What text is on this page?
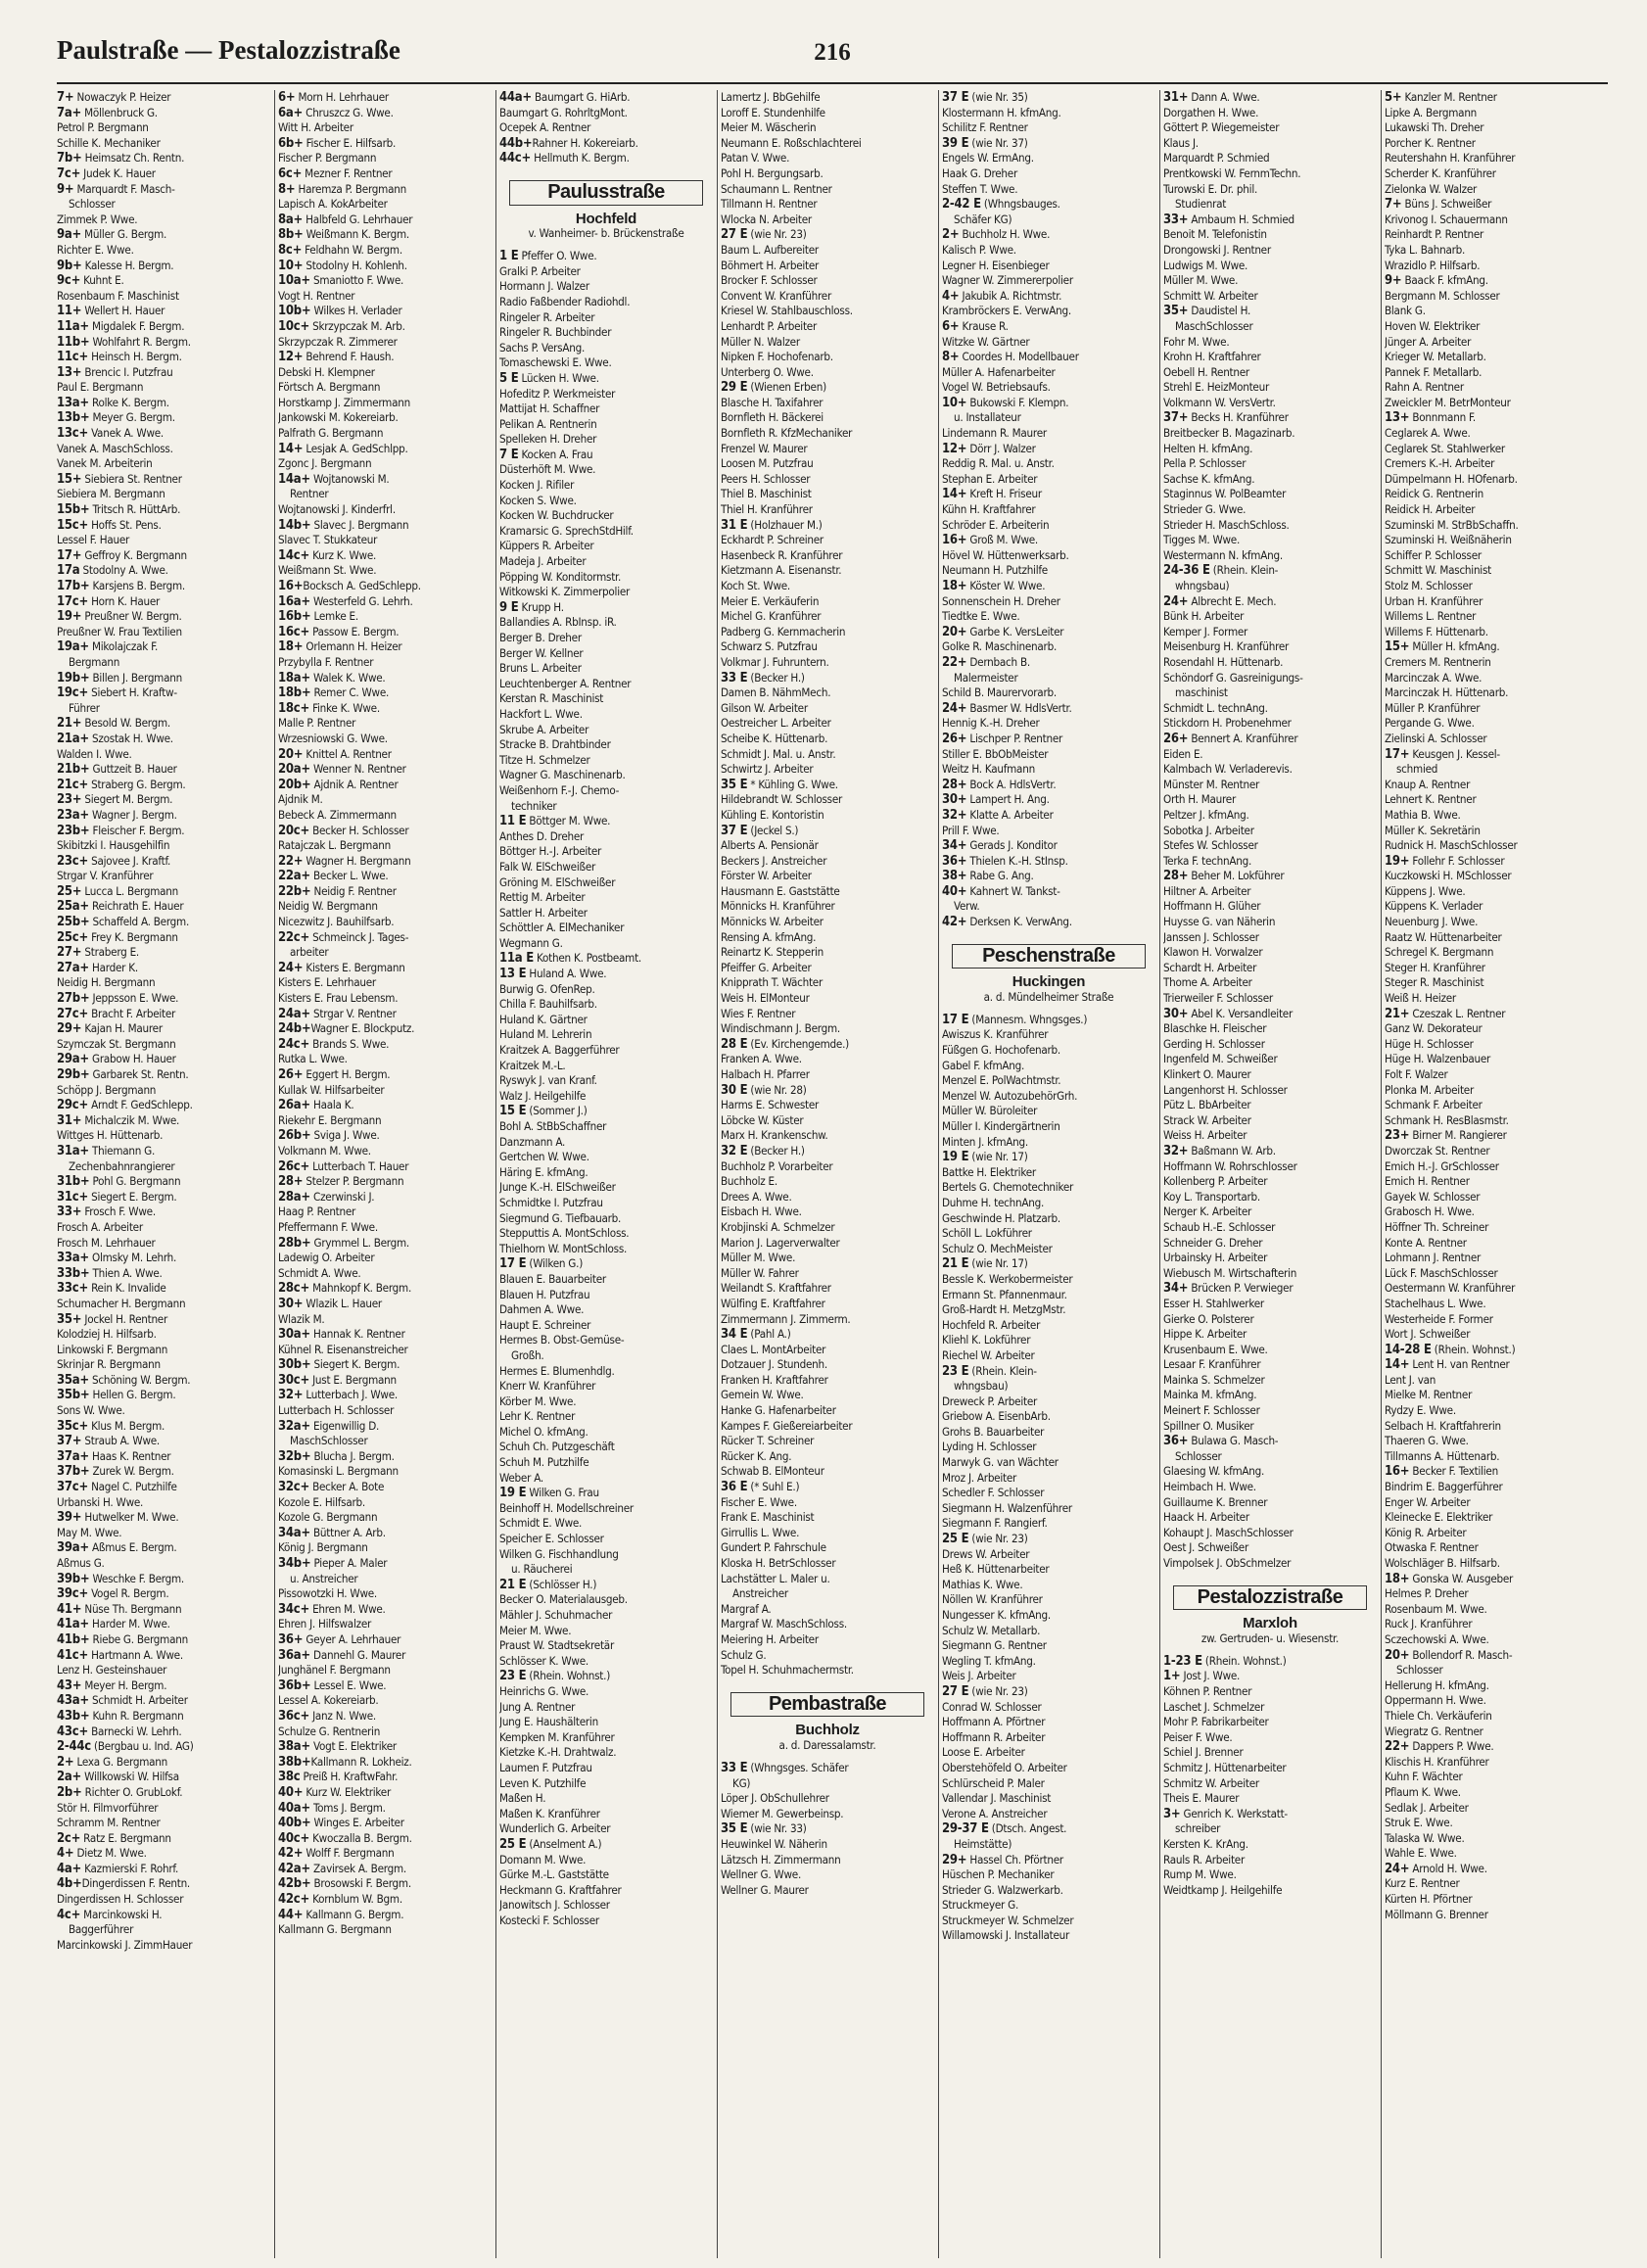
Paulstraße — Pestalozzistraße	216
7+ Nowaczyk P. Heizer
7a+ Möllenbruck G.
Petrol P. Bergmann
Schille K. Mechaniker
7b+ Heimsatz Ch. Rentn.
7c+ Judek K. Hauer
9+ Marquardt F. Masch-
Schlosser
Zimmek P. Wwe.
9a+ Müller G. Bergm.
Richter E. Wwe.
9b+ Kalesse H. Bergm.
9c+ Kuhnt E.
Rosenbaum F. Maschinist
11+ Wellert H. Hauer
11a+ Migdalek F. Bergm.
11b+ Wohlfahrt R. Bergm.
11c+ Heinsch H. Bergm.
13+ Brencic I. Putzfrau
Paul E. Bergmann
13a+ Rolke K. Bergm.
13b+ Meyer G. Bergm.
13c+ Vanek A. Wwe.
Vanek A. MaschSchloss.
Vanek M. Arbeiterin
15+ Siebiera St. Rentner
Siebiera M. Bergmann
15b+ Tritsch R. HüttArb.
15c+ Hoffs St. Pens.
Lessel F. Hauer
17+ Geffroy K. Bergmann
17a Stodolny A. Wwe.
17b+ Karsjens B. Bergm.
17c+ Horn K. Hauer
19+ Preußner W. Bergm.
Preußner W. Frau Textilien
19a+ Mikolajczak F.
Bergmann
19b+ Billen J. Bergmann
19c+ Siebert H. Kraftw-
Führer
21+ Besold W. Bergm.
21a+ Szostak H. Wwe.
Walden I. Wwe.
21b+ Guttzeit B. Hauer
21c+ Straberg G. Bergm.
23+ Siegert M. Bergm.
23a+ Wagner J. Bergm.
23b+ Fleischer F. Bergm.
Skibitzki I. Hausgehilfin
23c+ Sajovee J. Kraftf.
Strgar V. Kranführer
25+ Lucca L. Bergmann
25a+ Reichrath E. Hauer
25b+ Schaffeld A. Bergm.
25c+ Frey K. Bergmann
27+ Straberg E.
27a+ Harder K.
Neidig H. Bergmann
27b+ Jeppsson E. Wwe.
27c+ Bracht F. Arbeiter
29+ Kajan H. Maurer
Szymczak St. Bergmann
29a+ Grabow H. Hauer
29b+ Garbarek St. Rentn.
Schöpp J. Bergmann
29c+ Arndt F. GedSchlepp.
31+ Michalczik M. Wwe.
Wittges H. Hüttenarb.
31a+ Thiemann G.
Zechenbahnrangierer
31b+ Pohl G. Bergmann
31c+ Siegert E. Bergm.
33+ Frosch F. Wwe.
Frosch A. Arbeiter
Frosch M. Lehrhauer
33a+ Olmsky M. Lehrh.
33b+ Thien A. Wwe.
33c+ Rein K. Invalide
Schumacher H. Bergmann
35+ Jockel H. Rentner
Kolodziej H. Hilfsarb.
Linkowski F. Bergmann
Skrinjar R. Bergmann
35a+ Schöning W. Bergm.
35b+ Hellen G. Bergm.
Sons W. Wwe.
35c+ Klus M. Bergm.
37+ Straub A. Wwe.
37a+ Haas K. Rentner
37b+ Zurek W. Bergm.
37c+ Nagel C. Putzhilfe
Urbanski H. Wwe.
39+ Hutwelker M. Wwe.
May M. Wwe.
39a+ Aßmus E. Bergm.
Aßmus G.
39b+ Weschke F. Bergm.
39c+ Vogel R. Bergm.
41+ Nüse Th. Bergmann
41a+ Harder M. Wwe.
41b+ Riebe G. Bergmann
41c+ Hartmann A. Wwe.
Lenz H. Gesteinshauer
43+ Meyer H. Bergm.
43a+ Schmidt H. Arbeiter
43b+ Kuhn R. Bergmann
43c+ Barnecki W. Lehrh.
2-44c (Bergbau u. Ind. AG)
2+ Lexa G. Bergmann
2a+ Willkowski W. Hilfsa
2b+ Richter O. GrubLokf.
Stör H. Filmvorführer
Schramm M. Rentner
2c+ Ratz E. Bergmann
4+ Dietz M. Wwe.
4a+ Kazmierski F. Rohrf.
4b+Dingerdissen F. Rentn.
Dingerdissen H. Schlosser
4c+ Marcinkowski H.
Baggerführer
Marcinkowski J. ZimmHauer
6+ Morn H. Lehrhauer
6a+ Chruszcz G. Wwe.
Witt H. Arbeiter
6b+ Fischer E. Hilfsarb.
Fischer P. Bergmann
6c+ Mezner F. Rentner
8+ Haremza P. Bergmann
Lapisch A. KokArbeiter
8a+ Halbfeld G. Lehrhauer
8b+ Weißmann K. Bergm.
8c+ Feldhahn W. Bergm.
10+ Stodolny H. Kohlenh.
10a+ Smaniotto F. Wwe.
Vogt H. Rentner
10b+ Wilkes H. Verlader
10c+ Skrzypczak M. Arb.
Skrzypczak R. Zimmerer
12+ Behrend F. Haush.
Debski H. Klempner
Förtsch A. Bergmann
Horstkamp J. Zimmermann
Jankowski M. Kokereiarb.
Palfrath G. Bergmann
14+ Lesjak A. GedSchlpp.
Zgonc J. Bergmann
14a+ Wojtanowski M.
Rentner
Wojtanowski J. Kinderfrl.
14b+ Slavec J. Bergmann
Slavec T. Stukkateur
14c+ Kurz K. Wwe.
Weißmann St. Wwe.
16+Bocksch A. GedSchlepp.
16a+ Westerfeld G. Lehrh.
16b+ Lemke E.
16c+ Passow E. Bergm.
18+ Orlemann H. Heizer
Przybylla F. Rentner
18a+ Walek K. Wwe.
18b+ Remer C. Wwe.
18c+ Finke K. Wwe.
Malle P. Rentner
Wrzesniowski G. Wwe.
20+ Knittel A. Rentner
20a+ Wenner N. Rentner
20b+ Ajdnik A. Rentner
Ajdnik M.
Bebeck A. Zimmermann
20c+ Becker H. Schlosser
Ratajczak L. Bergmann
22+ Wagner H. Bergmann
22a+ Becker L. Wwe.
22b+ Neidig F. Rentner
Neidig W. Bergmann
Nicezwitz J. Bauhilfsarb.
22c+ Schmeinck J. Tages-
arbeiter
24+ Kisters E. Bergmann
Kisters E. Lehrhauer
Kisters E. Frau Lebensm.
24a+ Strgar V. Rentner
24b+Wagner E. Blockputz.
24c+ Brands S. Wwe.
Rutka L. Wwe.
26+ Eggert H. Bergm.
Kullak W. Hilfsarbeiter
26a+ Haala K.
Riekehr E. Bergmann
26b+ Sviga J. Wwe.
Volkmann M. Wwe.
26c+ Lutterbach T. Hauer
28+ Stelzer P. Bergmann
28a+ Czerwinski J.
Haag P. Rentner
Pfeffermann F. Wwe.
28b+ Grymmel L. Bergm.
Ladewig O. Arbeiter
Schmidt A. Wwe.
28c+ Mahnkopf K. Bergm.
30+ Wlazik L. Hauer
Wlazik M.
30a+ Hannak K. Rentner
Kühnel R. Eisenanstreicher
30b+ Siegert K. Bergm.
30c+ Just E. Bergmann
32+ Lutterbach J. Wwe.
Lutterbach H. Schlosser
32a+ Eigenwillig D.
MaschSchlosser
32b+ Blucha J. Bergm.
Komasinski L. Bergmann
32c+ Becker A. Bote
Kozole E. Hilfsarb.
Kozole G. Bergmann
34a+ Büttner A. Arb.
König J. Bergmann
34b+ Pieper A. Maler
u. Anstreicher
Pissowotzki H. Wwe.
34c+ Ehren M. Wwe.
Ehren J. Hilfswalzer
36+ Geyer A. Lehrhauer
36a+ Dannehl G. Maurer
Junghänel F. Bergmann
36b+ Lessel E. Wwe.
Lessel A. Kokereiarb.
36c+ Janz N. Wwe.
Schulze G. Rentnerin
38a+ Vogt E. Elektriker
38b+Kallmann R. Lokheiz.
38c Preiß H. KraftwFahr.
40+ Kurz W. Elektriker
40a+ Toms J. Bergm.
40b+ Winges E. Arbeiter
40c+ Kwoczalla B. Bergm.
42+ Wolff F. Bergmann
42a+ Zavirsek A. Bergm.
42b+ Brosowski F. Bergm.
42c+ Kornblum W. Bgm.
44+ Kallmann G. Bergm.
Kallmann G. Bergmann
44a+ Baumgart G. HiArb.
Baumgart G. RohrltgMont.
Ocepek A. Rentner
44b+Rahner H. Kokereiarb.
44c+ Hellmuth K. Bergm.
Paulusstraße
Hochfeld
v. Wanheimer- b. Brückenstraße
1 E Pfeffer O. Wwe.
Gralki P. Arbeiter
Hormann J. Walzer
Radio Faßbender Radiohdl.
Ringeler R. Arbeiter
Ringeler R. Buchbinder
Sachs P. VersAng.
Tomaschewski E. Wwe.
5 E Lücken H. Wwe.
Hofeditz P. Werkmeister
Mattijat H. Schaffner
Pelikan A. Rentnerin
Spelleken H. Dreher
7 E Kocken A. Frau
Düsterhöft M. Wwe.
Kocken J. Rifiler
Kocken S. Wwe.
Kocken W. Buchdrucker
Kramarsic G. SprechStdHilf.
Küppers R. Arbeiter
Madeja J. Arbeiter
Pöpping W. Konditormstr.
Witkowski K. Zimmerpolier
9 E Krupp H.
Ballandies A. RbInsp. iR.
Berger B. Dreher
Berger W. Kellner
Bruns L. Arbeiter
Leuchtenberger A. Rentner
Kerstan R. Maschinist
Hackfort L. Wwe.
Skrube A. Arbeiter
Stracke B. Drahtbinder
Titze H. Schmelzer
Wagner G. Maschinenarb.
Weißenhorn F.-J. Chemo-
techniker
11 E Böttger M. Wwe.
Anthes D. Dreher
Böttger H.-J. Arbeiter
Falk W. ElSchweißer
Gröning M. ElSchweißer
Rettig M. Arbeiter
Sattler H. Arbeiter
Schöttler A. ElMechaniker
Wegmann G.
11a E Kothen K. Postbeamt.
13 E Huland A. Wwe.
Burwig G. OfenRep.
Chilla F. Bauhilfsarb.
Huland K. Gärtner
Huland M. Lehrerin
Kraitzek A. Baggerführer
Kraitzek M.-L.
Ryswyk J. van Kranf.
Walz J. Heilgehilfe
15 E (Sommer J.)
Bohl A. StBbSchaffner
Danzmann A.
Gertchen W. Wwe.
Häring E. kfmAng.
Junge K.-H. ElSchweißer
Schmidtke I. Putzfrau
Siegmund G. Tiefbauarb.
Stepputtis A. MontSchloss.
Thielhorn W. MontSchloss.
17 E (Wilken G.)
Blauen E. Bauarbeiter
Blauen H. Putzfrau
Dahmen A. Wwe.
Haupt E. Schreiner
Hermes B. Obst-Gemüse-
Großh.
Hermes E. Blumenhdlg.
Knerr W. Kranführer
Körber M. Wwe.
Lehr K. Rentner
Michel O. kfmAng.
Schuh Ch. Putzgeschäft
Schuh M. Putzhilfe
Weber A.
19 E Wilken G. Frau
Beinhoff H. Modellschreiner
Schmidt E. Wwe.
Speicher E. Schlosser
Wilken G. Fischhandlung
u. Räucherei
21 E (Schlösser H.)
Becker O. Materialausgeb.
Mähler J. Schuhmacher
Meier M. Wwe.
Praust W. Stadtsekretär
Schlösser K. Wwe.
23 E (Rhein. Wohnst.)
Heinrichs G. Wwe.
Jung A. Rentner
Jung E. Haushälterin
Kempken M. Kranführer
Kietzke K.-H. Drahtwalz.
Laumen F. Putzfrau
Leven K. Putzhilfe
Maßen H.
Maßen K. Kranführer
Wunderlich G. Arbeiter
25 E (Anselment A.)
Domann M. Wwe.
Gürke M.-L. Gaststätte
Heckmann G. Kraftfahrer
Janowitsch J. Schlosser
Kostecki F. Schlosser
Lamertz J. BbGehilfe
Loroff E. Stundenhilfe
Meier M. Wäscherin
Neumann E. Roßschlachterei
Patan V. Wwe.
Pohl H. Bergungsarb.
Schaumann L. Rentner
Tillmann H. Rentner
Wlocka N. Arbeiter
27 E (wie Nr. 23)
Baum L. Aufbereiter
Böhmert H. Arbeiter
Brocker F. Schlosser
Convent W. Kranführer
Kriesel W. Stahlbauschloss.
Lenhardt P. Arbeiter
Müller N. Walzer
Nipken F. Hochofenarb.
Unterberg O. Wwe.
29 E (Wienen Erben)
Blasche H. Taxifahrer
Bornfleth H. Bäckerei
Bornfleth R. KfzMechaniker
Frenzel W. Maurer
Loosen M. Putzfrau
Peers H. Schlosser
Thiel B. Maschinist
Thiel H. Kranführer
31 E (Holzhauer M.)
Eckhardt P. Schreiner
Hasenbeck R. Kranführer
Kietzmann A. Eisenanstr.
Koch St. Wwe.
Meier E. Verkäuferin
Michel G. Kranführer
Padberg G. Kernmacherin
Schwarz S. Putzfrau
Volkmar J. Fuhruntern.
33 E (Becker H.)
Damen B. NähmMech.
Gilson W. Arbeiter
Oestreicher L. Arbeiter
Scheibe K. Hüttenarb.
Schmidt J. Mal. u. Anstr.
Schwirtz J. Arbeiter
35 E * Kühling G. Wwe.
Hildebrandt W. Schlosser
Kühling E. Kontoristin
37 E (Jeckel S.)
Alberts A. Pensionär
Beckers J. Anstreicher
Förster W. Arbeiter
Hausmann E. Gaststätte
Mönnicks H. Kranführer
Mönnicks W. Arbeiter
Rensing A. kfmAng.
Reinartz K. Stepperin
Pfeiffer G. Arbeiter
Knipprath T. Wächter
Weis H. ElMonteur
Wies F. Rentner
Windischmann J. Bergm.
28 E (Ev. Kirchengemde.)
Franken A. Wwe.
Halbach H. Pfarrer
30 E (wie Nr. 28)
Harms E. Schwester
Löbcke W. Küster
Marx H. Krankenschw.
32 E (Becker H.)
Buchholz P. Vorarbeiter
Buchholz E.
Drees A. Wwe.
Eisbach H. Wwe.
Krobjinski A. Schmelzer
Marion J. Lagerverwalter
Müller M. Wwe.
Müller W. Fahrer
Weilandt S. Kraftfahrer
Wülfing E. Kraftfahrer
Zimmermann J. Zimmerm.
34 E (Pahl A.)
Claes L. MontArbeiter
Dotzauer J. Stundenh.
Franken H. Kraftfahrer
Gemein W. Wwe.
Hanke G. Hafenarbeiter
Kampes F. Gießereiarbeiter
Rücker T. Schreiner
Rücker K. Ang.
Schwab B. ElMonteur
36 E (* Suhl E.)
Fischer E. Wwe.
Frank E. Maschinist
Girrullis L. Wwe.
Gundert P. Fahrschule
Kloska H. BetrSchlosser
Lachstätter L. Maler u.
Anstreicher
Margraf A.
Margraf W. MaschSchloss.
Meiering H. Arbeiter
Schulz G.
Topel H. Schuhmachermstr.
Pembastraße
Buchholz
a. d. Daressalamstr.
33 E (Whngsges. Schäfer
KG)
Löper J. ObSchullehrer
Wiemer M. Gewerbeinsp.
35 E (wie Nr. 33)
Heuwinkel W. Näherin
Lätzsch H. Zimmermann
Wellner G. Wwe.
Wellner G. Maurer
37 E (wie Nr. 35)
Klostermann H. kfmAng.
Schilitz F. Rentner
39 E (wie Nr. 37)
Engels W. ErmAng.
Haak G. Dreher
Steffen T. Wwe.
2-42 E (Whngsbauges.
Schäfer KG)
2+ Buchholz H. Wwe.
Kalisch P. Wwe.
Legner H. Eisenbieger
Wagner W. Zimmererpolier
4+ Jakubik A. Richtmstr.
Krambröckers E. VerwAng.
6+ Krause R.
Witzke W. Gärtner
8+ Coordes H. Modellbauer
Müller A. Hafenarbeiter
Vogel W. Betriebsaufs.
10+ Bukowski F. Klempn.
u. Installateur
Lindemann R. Maurer
12+ Dörr J. Walzer
Reddig R. Mal. u. Anstr.
Stephan E. Arbeiter
14+ Kreft H. Friseur
Kühn H. Kraftfahrer
Schröder E. Arbeiterin
16+ Groß M. Wwe.
Hövel W. Hüttenwerksarb.
Neumann H. Putzhilfe
18+ Köster W. Wwe.
Sonnenschein H. Dreher
Tiedtke E. Wwe.
20+ Garbe K. VersLeiter
Golke R. Maschinenarb.
22+ Dernbach B.
Malermeister
Schild B. Maurervorarb.
24+ Basmer W. HdlsVertr.
Hennig K.-H. Dreher
26+ Lischper P. Rentner
Stiller E. BbObMeister
Weitz H. Kaufmann
28+ Bock A. HdlsVertr.
30+ Lampert H. Ang.
32+ Klatte A. Arbeiter
Prill F. Wwe.
34+ Gerads J. Konditor
36+ Thielen K.-H. StInsp.
38+ Rabe G. Ang.
40+ Kahnert W. Tankst-
Verw.
42+ Derksen K. VerwAng.
Peschenstraße
Huckingen
a. d. Mündelheimer Straße
17 E (Mannesm. Whngsges.)
Awiszus K. Kranführer
Füßgen G. Hochofenarb.
Gabel F. kfmAng.
Menzel E. PolWachtmstr.
Menzel W. AutozubehörGrh.
Müller W. Büroleiter
Müller I. Kindergärtnerin
Minten J. kfmAng.
19 E (wie Nr. 17)
Battke H. Elektriker
Bertels G. Chemotechniker
Duhme H. technAng.
Geschwinde H. Platzarb.
Schöll L. Lokführer
Schulz O. MechMeister
21 E (wie Nr. 17)
Bessle K. Werkobermeister
Ermann St. Pfannenmaur.
Groß-Hardt H. MetzgMstr.
Hochfeld R. Arbeiter
Kliehl K. Lokführer
Riechel W. Arbeiter
23 E (Rhein. Klein-
whngsbau)
Dreweck P. Arbeiter
Griebow A. EisenbArb.
Grohs B. Bauarbeiter
Lyding H. Schlosser
Marwyk G. van Wächter
Mroz J. Arbeiter
Schedler F. Schlosser
Siegmann H. Walzenführer
Siegmann F. Rangierf.
25 E (wie Nr. 23)
Drews W. Arbeiter
Heß K. Hüttenarbeiter
Mathias K. Wwe.
Nöllen W. Kranführer
Nungesser K. kfmAng.
Schulz W. Metallarb.
Siegmann G. Rentner
Wegling T. kfmAng.
Weis J. Arbeiter
27 E (wie Nr. 23)
Conrad W. Schlosser
Hoffmann A. Pförtner
Hoffmann R. Arbeiter
Loose E. Arbeiter
Oberstehöfeld O. Arbeiter
Schlürscheid P. Maler
Vallendar J. Maschinist
Verone A. Anstreicher
29-37 E (Dtsch. Angest.
Heimstätte)
29+ Hassel Ch. Pförtner
Hüschen P. Mechaniker
Strieder G. Walzwerkarb.
Struckmeyer G.
Struckmeyer W. Schmelzer
Willamowski J. Installateur
31+ Dann A. Wwe.
Dorgathen H. Wwe.
Göttert P. Wiegemeister
Klaus J.
Marquardt P. Schmied
Prentkowski W. FernmTechn.
Turowski E. Dr. phil.
Studienrat
33+ Ambaum H. Schmied
Benoit M. Telefonistin
Drongowski J. Rentner
Ludwigs M. Wwe.
Müller M. Wwe.
Schmitt W. Arbeiter
35+ Daudistel H.
MaschSchlosser
Fohr M. Wwe.
Krohn H. Kraftfahrer
Oebell H. Rentner
Strehl E. HeizMonteur
Volkmann W. VersVertr.
37+ Becks H. Kranführer
Breitbecker B. Magazinarb.
Helten H. kfmAng.
Pella P. Schlosser
Sachse K. kfmAng.
Staginnus W. PolBeamter
Strieder G. Wwe.
Strieder H. MaschSchloss.
Tigges M. Wwe.
Westermann N. kfmAng.
24-36 E (Rhein. Klein-
whngsbau)
24+ Albrecht E. Mech.
Bünk H. Arbeiter
Kemper J. Former
Meisenburg H. Kranführer
Rosendahl H. Hüttenarb.
Schöndorf G. Gasreinigungs-
maschinist
Schmidt L. technAng.
Stickdorn H. Probenehmer
26+ Bennert A. Kranführer
Eiden E.
Kalmbach W. Verladerevis.
Münster M. Rentner
Orth H. Maurer
Peltzer J. kfmAng.
Sobotka J. Arbeiter
Stefes W. Schlosser
Terka F. technAng.
28+ Beher M. Lokführer
Hiltner A. Arbeiter
Hoffmann H. Glüher
Huysse G. van Näherin
Janssen J. Schlosser
Klawon H. Vorwalzer
Schardt H. Arbeiter
Thome A. Arbeiter
Trierweiler F. Schlosser
30+ Abel K. Versandleiter
Blaschke H. Fleischer
Gerding H. Schlosser
Ingenfeld M. Schweißer
Klinkert O. Maurer
Langenhorst H. Schlosser
Pütz L. BbArbeiter
Strack W. Arbeiter
Weiss H. Arbeiter
32+ Baßmann W. Arb.
Hoffmann W. Rohrschlosser
Kollenberg P. Arbeiter
Koy L. Transportarb.
Nerger K. Arbeiter
Schaub H.-E. Schlosser
Schneider G. Dreher
Urbainsky H. Arbeiter
Wiebusch M. Wirtschafterin
34+ Brücken P. Verwieger
Esser H. Stahlwerker
Gierke O. Polsterer
Hippe K. Arbeiter
Krusenbaum E. Wwe.
Lesaar F. Kranführer
Mainka S. Schmelzer
Mainka M. kfmAng.
Meinert F. Schlosser
Spillner O. Musiker
36+ Bulawa G. Masch-
Schlosser
Glaesing W. kfmAng.
Heimbach H. Wwe.
Guillaume K. Brenner
Haack H. Arbeiter
Kohaupt J. MaschSchlosser
Oest J. Schweißer
Vimpolsek J. ObSchmelzer
Pestalozzistraße
Marxloh
zw. Gertruden- u. Wiesenstr.
1-23 E (Rhein. Wohnst.)
1+ Jost J. Wwe.
Köhnen P. Rentner
Laschet J. Schmelzer
Mohr P. Fabrikarbeiter
Peiser F. Wwe.
Schiel J. Brenner
Schmitz J. Hüttenarbeiter
Schmitz W. Arbeiter
Theis E. Maurer
3+ Genrich K. Werkstatt-
schreiber
Kersten K. KrAng.
Rauls R. Arbeiter
Rump M. Wwe.
Weidtkamp J. Heilgehilfe
5+ Kanzler M. Rentner
Lipke A. Bergmann
Lukawski Th. Dreher
Porcher K. Rentner
Reutershahn H. Kranführer
Scherder K. Kranführer
Zielonka W. Walzer
7+ Büns J. Schweißer
Krivonog I. Schauermann
Reinhardt P. Rentner
Tyka L. Bahnarb.
Wrazidlo P. Hilfsarb.
9+ Baack F. kfmAng.
Bergmann M. Schlosser
Blank G.
Hoven W. Elektriker
Jünger A. Arbeiter
Krieger W. Metallarb.
Pannek F. Metallarb.
Rahn A. Rentner
Zweickler M. BetrMonteur
13+ Bonnmann F.
Ceglarek A. Wwe.
Ceglarek St. Stahlwerker
Cremers K.-H. Arbeiter
Dümpelmann H. HOfenarb.
Reidick G. Rentnerin
Reidick H. Arbeiter
Szuminski M. StrBbSchaffn.
Szuminski H. Weißnäherin
Schiffer P. Schlosser
Schmitt W. Maschinist
Stolz M. Schlosser
Urban H. Kranführer
Willems L. Rentner
Willems F. Hüttenarb.
15+ Müller H. kfmAng.
Cremers M. Rentnerin
Marcinczak A. Wwe.
Marcinczak H. Hüttenarb.
Müller P. Kranführer
Pergande G. Wwe.
Zielinski A. Schlosser
17+ Keusgen J. Kessel-
schmied
Knaup A. Rentner
Lehnert K. Rentner
Mathia B. Wwe.
Müller K. Sekretärin
Rudnick H. MaschSchlosser
19+ Follehr F. Schlosser
Kuczkowski H. MSchlosser
Küppens J. Wwe.
Küppens K. Verlader
Neuenburg J. Wwe.
Raatz W. Hüttenarbeiter
Schregel K. Bergmann
Steger H. Kranführer
Steger R. Maschinist
Weiß H. Heizer
21+ Czeszak L. Rentner
Ganz W. Dekorateur
Hüge H. Schlosser
Hüge H. Walzenbauer
Folt F. Walzer
Plonka M. Arbeiter
Schmank F. Arbeiter
Schmank H. ResBlasmstr.
23+ Birner M. Rangierer
Dworczak St. Rentner
Emich H.-J. GrSchlosser
Emich H. Rentner
Gayek W. Schlosser
Grabosch H. Wwe.
Höffner Th. Schreiner
Konte A. Rentner
Lohmann J. Rentner
Lück F. MaschSchlosser
Oestermann W. Kranführer
Stachelhaus L. Wwe.
Westerheide F. Former
Wort J. Schweißer
14-28 E (Rhein. Wohnst.)
14+ Lent H. van Rentner
Lent J. van
Mielke M. Rentner
Rydzy E. Wwe.
Selbach H. Kraftfahrerin
Thaeren G. Wwe.
Tillmanns A. Hüttenarb.
16+ Becker F. Textilien
Bindrim E. Baggerführer
Enger W. Arbeiter
Kleinecke E. Elektriker
König R. Arbeiter
Otwaska F. Rentner
Wolschläger B. Hilfsarb.
18+ Gonska W. Ausgeber
Helmes P. Dreher
Rosenbaum M. Wwe.
Ruck J. Kranführer
Sczechowski A. Wwe.
20+ Bollendorf R. Masch-
Schlosser
Hellerung H. kfmAng.
Oppermann H. Wwe.
Thiele Ch. Verkäuferin
Wiegratz G. Rentner
22+ Dappers P. Wwe.
Klischis H. Kranführer
Kuhn F. Wächter
Pflaum K. Wwe.
Sedlak J. Arbeiter
Struk E. Wwe.
Talaska W. Wwe.
Wahle E. Wwe.
24+ Arnold H. Wwe.
Kurz E. Rentner
Kürten H. Pförtner
Möllmann G. Brenner
